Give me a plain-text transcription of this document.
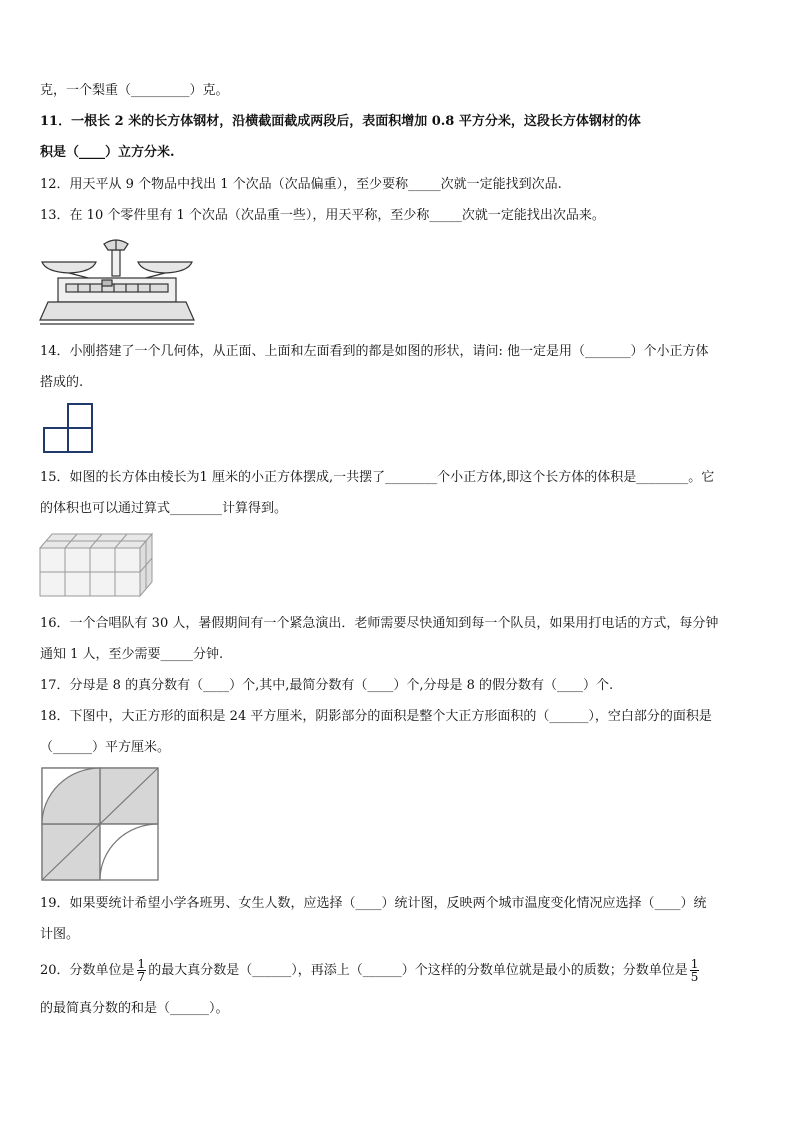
克，一个梨重（_________）克。
11．一根长 2 米的长方体钢材，沿横截面截成两段后，表面积增加 0.8 平方分米，这段长方体钢材的体
积是（____）立方分米.
12．用天平从 9 个物品中找出 1 个次品（次品偏重），至少要称_____次就一定能找到次品.
13．在 10 个零件里有 1 个次品（次品重一些），用天平称，至少称_____次就一定能找出次品来。
14．小刚搭建了一个几何体，从正面、上面和左面看到的都是如图的形状，请问: 他一定是用（_______）个小正方体
搭成的.
15．如图的长方体由棱长为1 厘米的小正方体摆成,一共摆了________个小正方体,即这个长方体的体积是________。它
的体积也可以通过算式________计算得到。
16．一个合唱队有 30 人，暑假期间有一个紧急演出．老师需要尽快通知到每一个队员，如果用打电话的方式，每分钟
通知 1 人，至少需要_____分钟.
17．分母是 8 的真分数有（____）个,其中,最简分数有（____）个,分母是 8 的假分数有（____）个.
18．下图中，大正方形的面积是 24 平方厘米，阴影部分的面积是整个大正方形面积的（______），空白部分的面积是
（______）平方厘米。
19．如果要统计希望小学各班男、女生人数，应选择（____）统计图，反映两个城市温度变化情况应选择（____）统
计图。
20．分数单位是 $\frac{1}{7}$ 的最大真分数是（______），再添上（______）个这样的分数单位就是最小的质数；分数单位是 $\frac{1}{5}$
的最简真分数的和是（______）。
